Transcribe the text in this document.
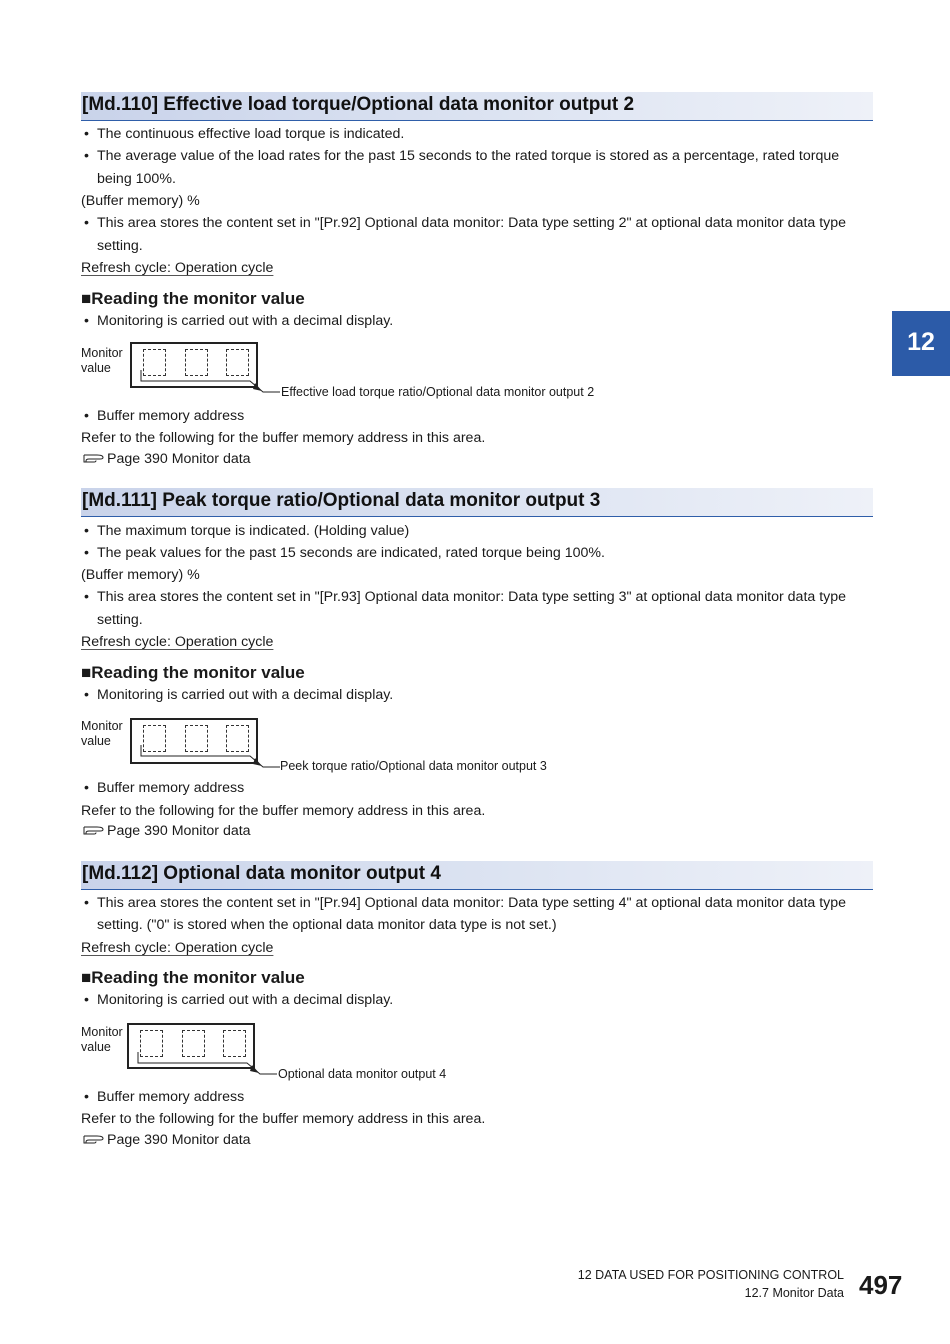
12
[Md.110] Effective load torque/Optional data monitor output 2
• The continuous effective load torque is indicated.
• The average value of the load rates for the past 15 seconds to the rated torque is stored as a percentage, rated torque
being 100%.
(Buffer memory) %
• This area stores the content set in "[Pr.92] Optional data monitor: Data type setting 2" at optional data monitor data type
setting.
Refresh cycle: Operation cycle
■Reading the monitor value
• Monitoring is carried out with a decimal display.
Monitor
value
Effective load torque ratio/Optional data monitor output 2
• Buffer memory address
Refer to the following for the buffer memory address in this area.
Page 390 Monitor data
[Md.111] Peak torque ratio/Optional data monitor output 3
• The maximum torque is indicated. (Holding value)
• The peak values for the past 15 seconds are indicated, rated torque being 100%.
(Buffer memory) %
• This area stores the content set in "[Pr.93] Optional data monitor: Data type setting 3" at optional data monitor data type
setting.
Refresh cycle: Operation cycle
■Reading the monitor value
• Monitoring is carried out with a decimal display.
Monitor
value
Peek torque ratio/Optional data monitor output 3
• Buffer memory address
Refer to the following for the buffer memory address in this area.
Page 390 Monitor data
[Md.112] Optional data monitor output 4
• This area stores the content set in "[Pr.94] Optional data monitor: Data type setting 4" at optional data monitor data type
setting. ("0" is stored when the optional data monitor data type is not set.)
Refresh cycle: Operation cycle
■Reading the monitor value
• Monitoring is carried out with a decimal display.
Monitor
value
Optional data monitor output 4
• Buffer memory address
Refer to the following for the buffer memory address in this area.
Page 390 Monitor data
12 DATA USED FOR POSITIONING CONTROL
12.7 Monitor Data 497
